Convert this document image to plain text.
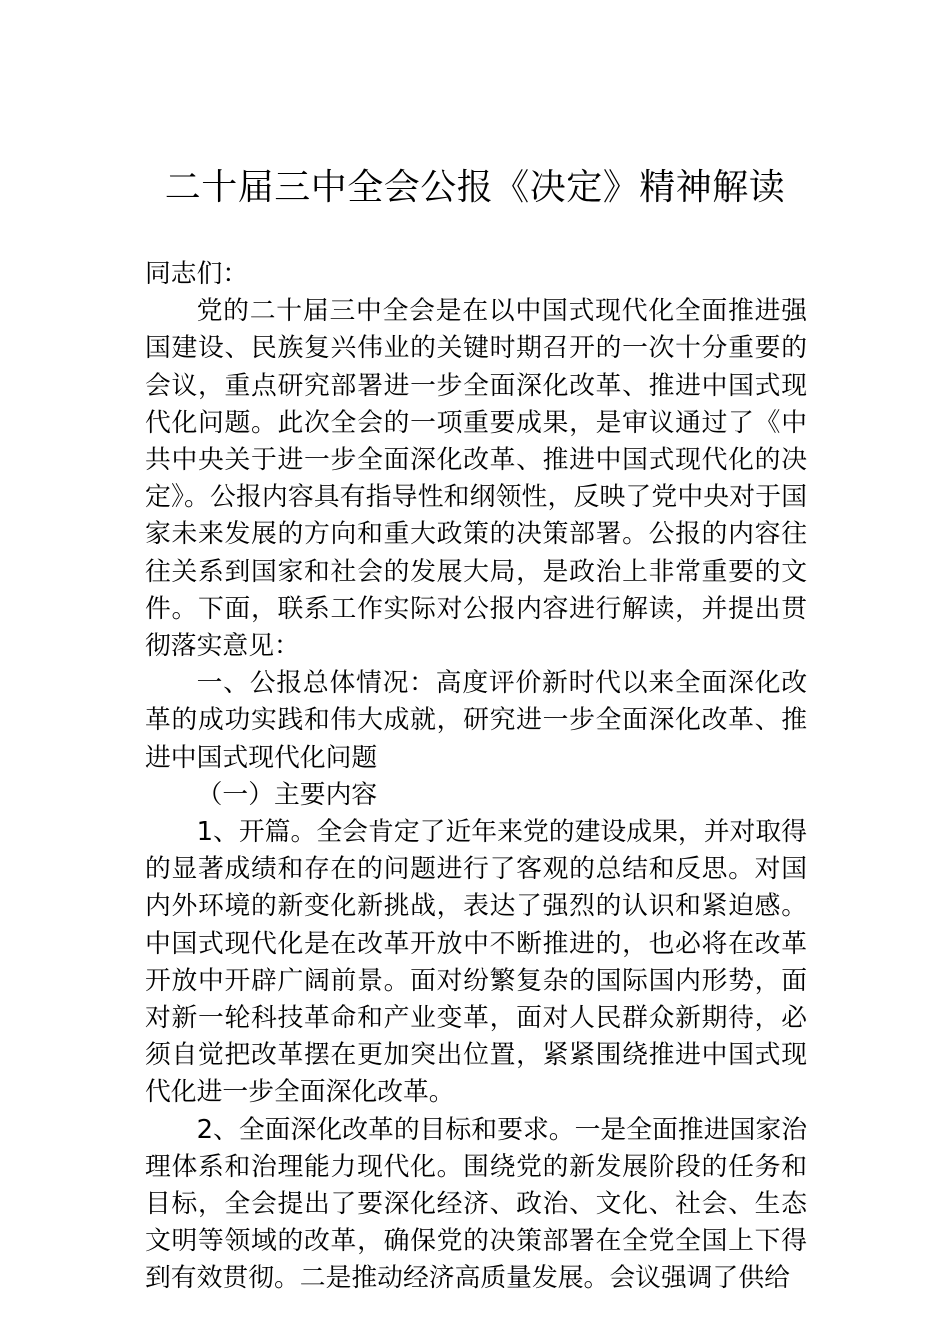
二十届三中全会公报《决定》精神解读

同志们：

党的二十届三中全会是在以中国式现代化全面推进强国建设、民族复兴伟业的关键时期召开的一次十分重要的会议，重点研究部署进一步全面深化改革、推进中国式现代化问题。此次全会的一项重要成果，是审议通过了《中共中央关于进一步全面深化改革、推进中国式现代化的决定》。公报内容具有指导性和纲领性，反映了党中央对于国家未来发展的方向和重大政策的决策部署。公报的内容往往关系到国家和社会的发展大局，是政治上非常重要的文件。下面，联系工作实际对公报内容进行解读，并提出贯彻落实意见：

一、公报总体情况：高度评价新时代以来全面深化改革的成功实践和伟大成就，研究进一步全面深化改革、推进中国式现代化问题

（一）主要内容

1、开篇。全会肯定了近年来党的建设成果，并对取得的显著成绩和存在的问题进行了客观的总结和反思。对国内外环境的新变化新挑战，表达了强烈的认识和紧迫感。中国式现代化是在改革开放中不断推进的，也必将在改革开放中开辟广阔前景。面对纷繁复杂的国际国内形势，面对新一轮科技革命和产业变革，面对人民群众新期待，必须自觉把改革摆在更加突出位置，紧紧围绕推进中国式现代化进一步全面深化改革。

2、全面深化改革的目标和要求。一是全面推进国家治理体系和治理能力现代化。围绕党的新发展阶段的任务和目标，全会提出了要深化经济、政治、文化、社会、生态文明等领域的改革，确保党的决策部署在全党全国上下得到有效贯彻。二是推动经济高质量发展。会议强调了供给
